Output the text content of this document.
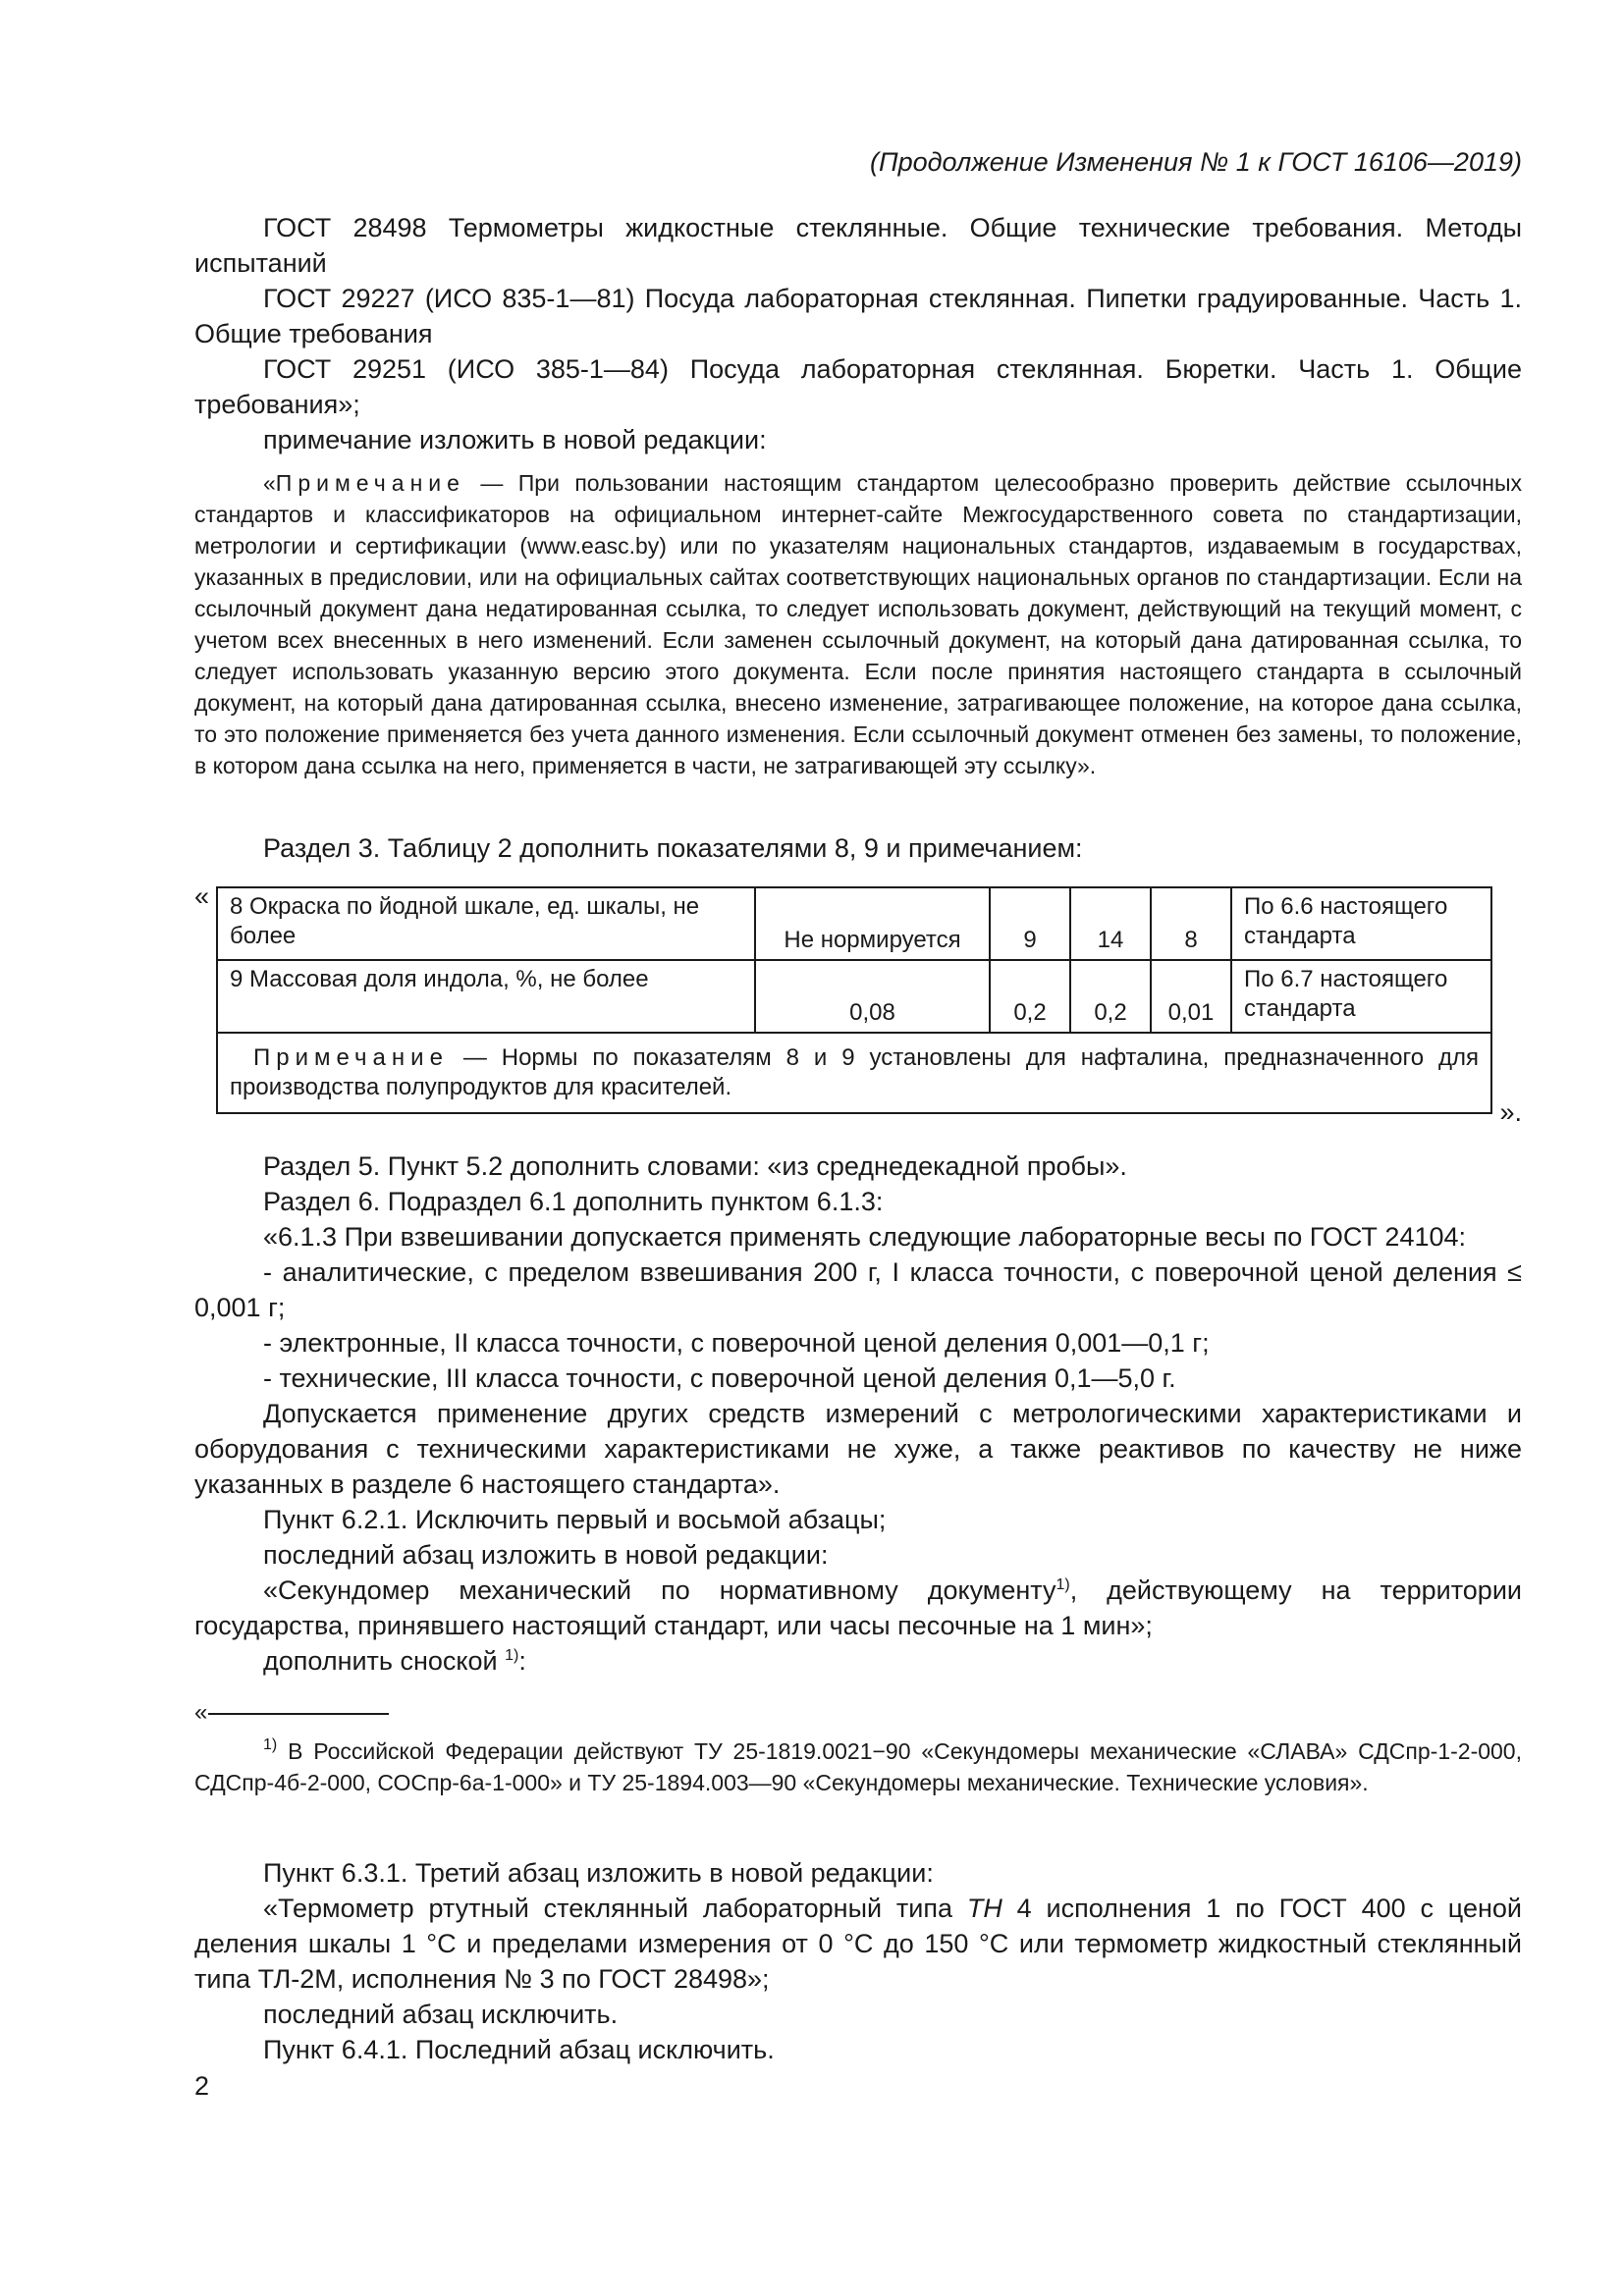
(Продолжение Изменения № 1 к ГОСТ 16106—2019)

ГОСТ 28498 Термометры жидкостные стеклянные. Общие технические требования. Методы испытаний

ГОСТ 29227 (ИСО 835-1—81) Посуда лабораторная стеклянная. Пипетки градуированные. Часть 1. Общие требования

ГОСТ 29251 (ИСО 385-1—84) Посуда лабораторная стеклянная. Бюретки. Часть 1. Общие требования»;

примечание изложить в новой редакции:

«Примечание — При пользовании настоящим стандартом целесообразно проверить действие ссылочных стандартов и классификаторов на официальном интернет-сайте Межгосударственного совета по стандартизации, метрологии и сертификации (www.easc.by) или по указателям национальных стандартов, издаваемым в государствах, указанных в предисловии, или на официальных сайтах соответствующих национальных органов по стандартизации. Если на ссылочный документ дана недатированная ссылка, то следует использовать документ, действующий на текущий момент, с учетом всех внесенных в него изменений. Если заменен ссылочный документ, на который дана датированная ссылка, то следует использовать указанную версию этого документа. Если после принятия настоящего стандарта в ссылочный документ, на который дана датированная ссылка, внесено изменение, затрагивающее положение, на которое дана ссылка, то это положение применяется без учета данного изменения. Если ссылочный документ отменен без замены, то положение, в котором дана ссылка на него, применяется в части, не затрагивающей эту ссылку».

Раздел 3. Таблицу 2 дополнить показателями 8, 9 и примечанием:

« 8 Окраска по йодной шкале, ед. шкалы, не более	Не нормируется	9	14	8	По 6.6 настоящего стандарта
9 Массовая доля индола, %, не более	0,08	0,2	0,2	0,01	По 6.7 настоящего стандарта
Примечание — Нормы по показателям 8 и 9 установлены для нафталина, предназначенного для производства полупродуктов для красителей.					
».

Раздел 5. Пункт 5.2 дополнить словами: «из среднедекадной пробы».

Раздел 6. Подраздел 6.1 дополнить пунктом 6.1.3:

«6.1.3 При взвешивании допускается применять следующие лабораторные весы по ГОСТ 24104:

- аналитические, с пределом взвешивания 200 г, I класса точности, с поверочной ценой деления ≤ 0,001 г;

- электронные, II класса точности, с поверочной ценой деления 0,001—0,1 г;

- технические, III класса точности, с поверочной ценой деления 0,1—5,0 г.

Допускается применение других средств измерений с метрологическими характеристиками и оборудования с техническими характеристиками не хуже, а также реактивов по качеству не ниже указанных в разделе 6 настоящего стандарта».

Пункт 6.2.1. Исключить первый и восьмой абзацы;

последний абзац изложить в новой редакции:

«Секундомер механический по нормативному документу$^{1)}$, действующему на территории государства, принявшего настоящий стандарт, или часы песочные на 1 мин»;

дополнить сноской $^{1)}$:

«

$^{1)}$ В Российской Федерации действуют ТУ 25-1819.0021−90 «Секундомеры механические «СЛАВА» СДСпр-1-2-000, СДСпр-4б-2-000, СОСпр-6а-1-000» и ТУ 25-1894.003—90 «Секундомеры механические. Технические условия».

Пункт 6.3.1. Третий абзац изложить в новой редакции:

«Термометр ртутный стеклянный лабораторный типа ТН 4 исполнения 1 по ГОСТ 400 с ценой деления шкалы 1 °C и пределами измерения от 0 °C до 150 °C или термометр жидкостный стеклянный типа ТЛ-2М, исполнения № 3 по ГОСТ 28498»;

последний абзац исключить.

Пункт 6.4.1. Последний абзац исключить.

2
